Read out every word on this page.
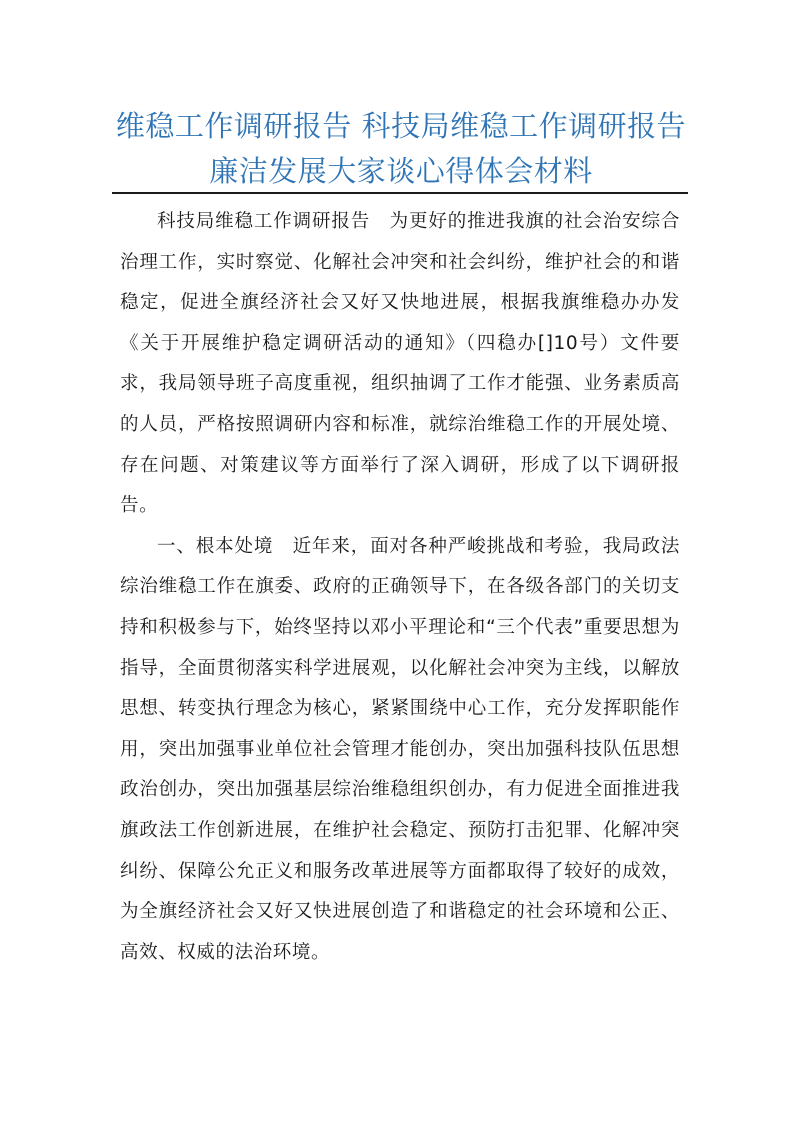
维稳工作调研报告 科技局维稳工作调研报告廉洁发展大家谈心得体会材料

科技局维稳工作调研报告　为更好的推进我旗的社会治安综合治理工作，实时察觉、化解社会冲突和社会纠纷，维护社会的和谐稳定，促进全旗经济社会又好又快地进展，根据我旗维稳办办发《关于开展维护稳定调研活动的通知》（四稳办[]10号）文件要求，我局领导班子高度重视，组织抽调了工作才能强、业务素质高的人员，严格按照调研内容和标准，就综治维稳工作的开展处境、存在问题、对策建议等方面举行了深入调研，形成了以下调研报告。

一、根本处境　近年来，面对各种严峻挑战和考验，我局政法综治维稳工作在旗委、政府的正确领导下，在各级各部门的关切支持和积极参与下，始终坚持以邓小平理论和“三个代表”重要思想为指导，全面贯彻落实科学进展观，以化解社会冲突为主线，以解放思想、转变执行理念为核心，紧紧围绕中心工作，充分发挥职能作用，突出加强事业单位社会管理才能创办，突出加强科技队伍思想政治创办，突出加强基层综治维稳组织创办，有力促进全面推进我旗政法工作创新进展，在维护社会稳定、预防打击犯罪、化解冲突纠纷、保障公允正义和服务改革进展等方面都取得了较好的成效，为全旗经济社会又好又快进展创造了和谐稳定的社会环境和公正、高效、权威的法治环境。
